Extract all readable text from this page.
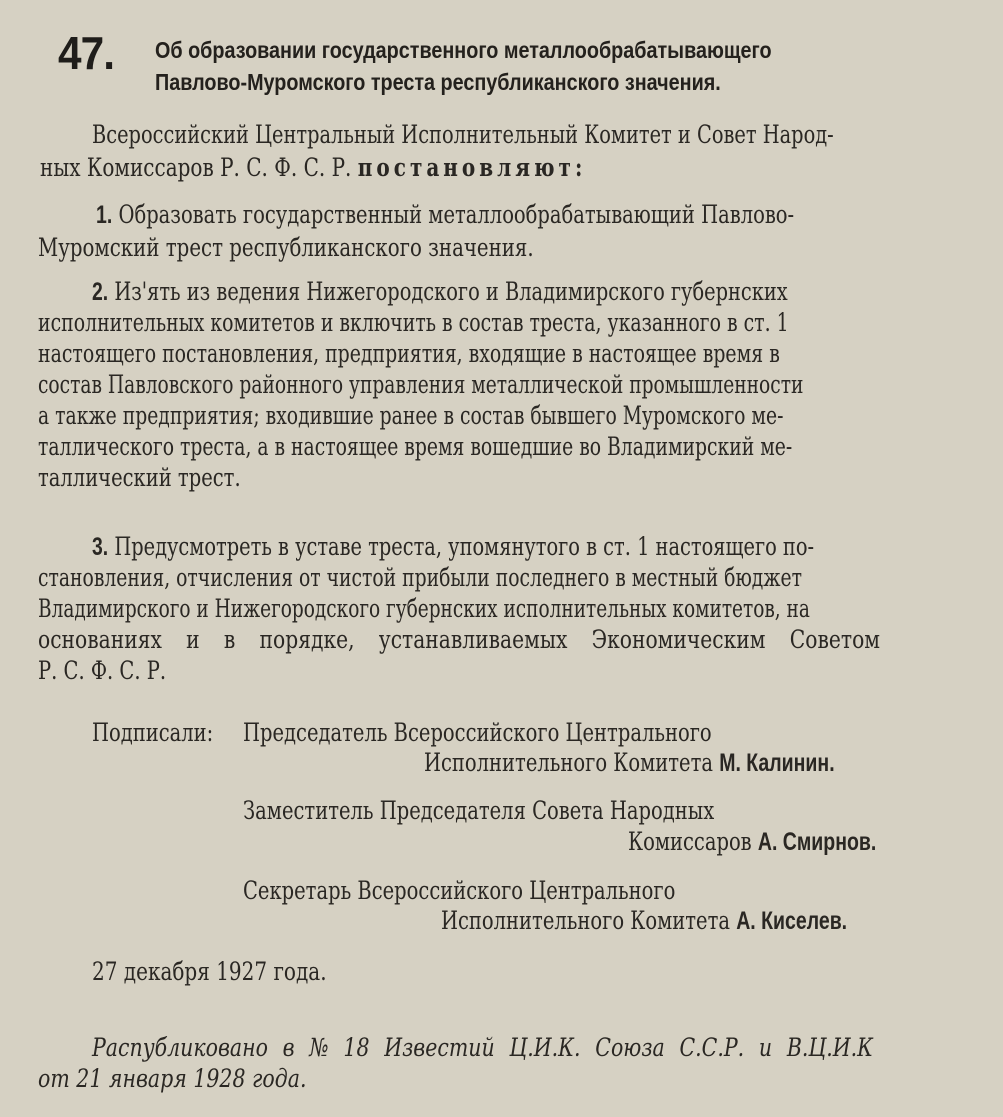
47. Об образовании государственного металлообрабатывающего Павлово-Муромского треста республиканского значения.
Всероссийский Центральный Исполнительный Комитет и Совет Народ-
ных Комиссаров Р. С. Ф. С. Р. постановляют:
1. Образовать государственный металлообрабатывающий Павлово-
Муромский трест республиканского значения.
2. Из'ять из ведения Нижегородского и Владимирского губернских
исполнительных комитетов и включить в состав треста, указанного в ст. 1
настоящего постановления, предприятия, входящие в настоящее время в
состав Павловского районного управления металлической промышленности
а также предприятия; входившие ранее в состав бывшего Муромского ме-
таллического треста, а в настоящее время вошедшие во Владимирский ме-
таллический трест.
3. Предусмотреть в уставе треста, упомянутого в ст. 1 настоящего по-
становления, отчисления от чистой прибыли последнего в местный бюджет
Владимирского и Нижегородского губернских исполнительных комитетов, на
основаниях и в порядке, устанавливаемых Экономическим Советом
Р. С. Ф. С. Р.
Подписали: Председатель Всероссийского Центрального
Исполнительного Комитета М. Калинин.
Заместитель Председателя Совета Народных
Комиссаров А. Смирнов.
Секретарь Всероссийского Центрального
Исполнительного Комитета А. Киселев.
27 декабря 1927 года.
Распубликовано в № 18 Известий Ц.И.К. Союза С.С.Р. и В.Ц.И.К
от 21 января 1928 года.
